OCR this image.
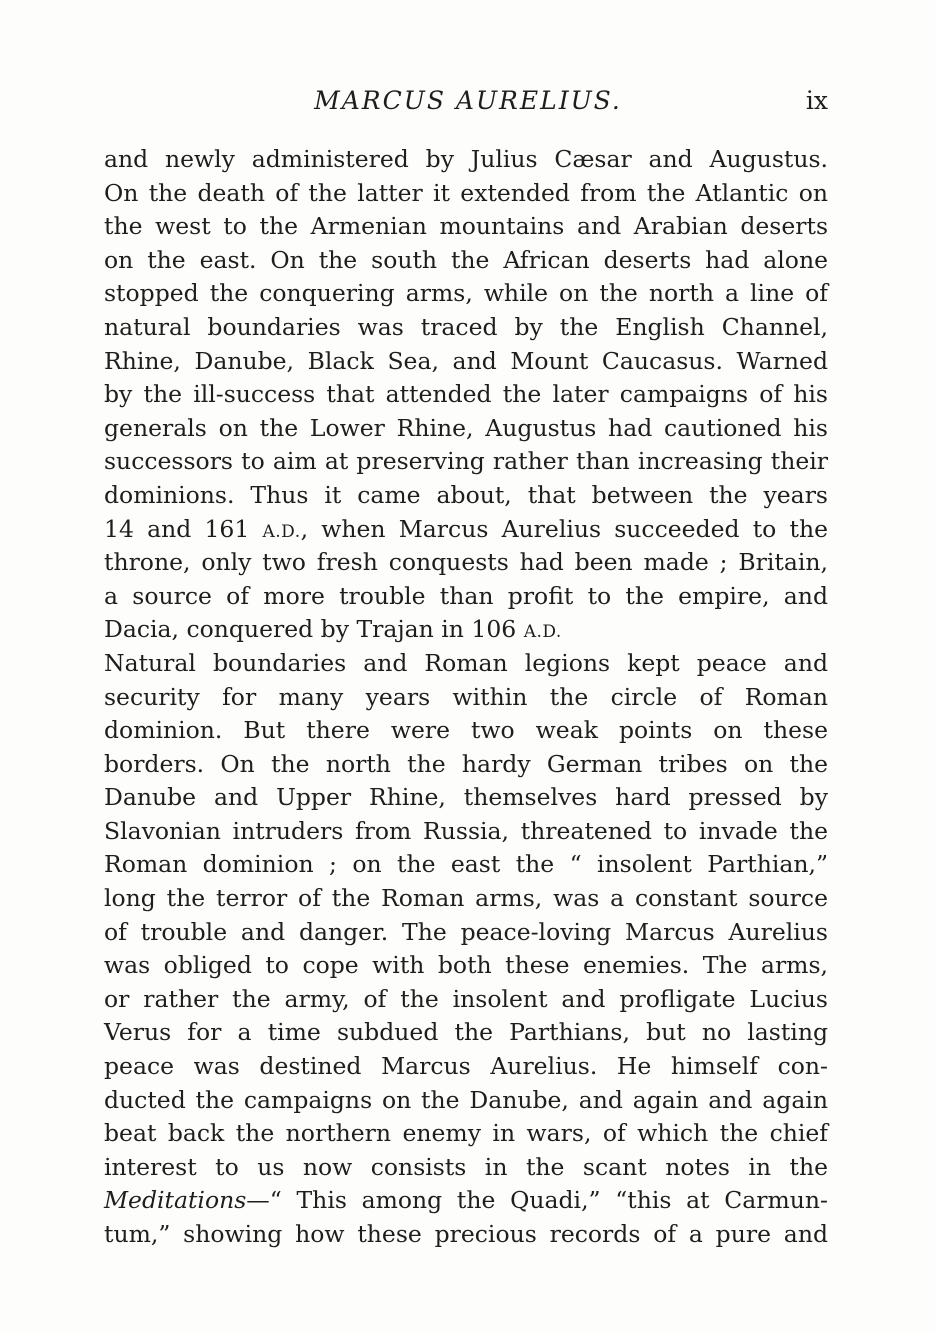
MARCUS AURELIUS.	ix
and newly administered by Julius Cæsar and Augustus.
On the death of the latter it extended from the Atlantic on
the west to the Armenian mountains and Arabian deserts
on the east. On the south the African deserts had alone
stopped the conquering arms, while on the north a line of
natural boundaries was traced by the English Channel,
Rhine, Danube, Black Sea, and Mount Caucasus. Warned
by the ill-success that attended the later campaigns of his
generals on the Lower Rhine, Augustus had cautioned his
successors to aim at preserving rather than increasing their
dominions. Thus it came about, that between the years
14 and 161 A.D., when Marcus Aurelius succeeded to the
throne, only two fresh conquests had been made ; Britain,
a source of more trouble than profit to the empire, and
Dacia, conquered by Trajan in 106 A.D.
Natural boundaries and Roman legions kept peace and
security for many years within the circle of Roman
dominion. But there were two weak points on these
borders. On the north the hardy German tribes on the
Danube and Upper Rhine, themselves hard pressed by
Slavonian intruders from Russia, threatened to invade the
Roman dominion ; on the east the “ insolent Parthian,”
long the terror of the Roman arms, was a constant source
of trouble and danger. The peace-loving Marcus Aurelius
was obliged to cope with both these enemies. The arms,
or rather the army, of the insolent and profligate Lucius
Verus for a time subdued the Parthians, but no lasting
peace was destined Marcus Aurelius. He himself con-
ducted the campaigns on the Danube, and again and again
beat back the northern enemy in wars, of which the chief
interest to us now consists in the scant notes in the
Meditations—“ This among the Quadi,” “this at Carmun-
tum,” showing how these precious records of a pure and
